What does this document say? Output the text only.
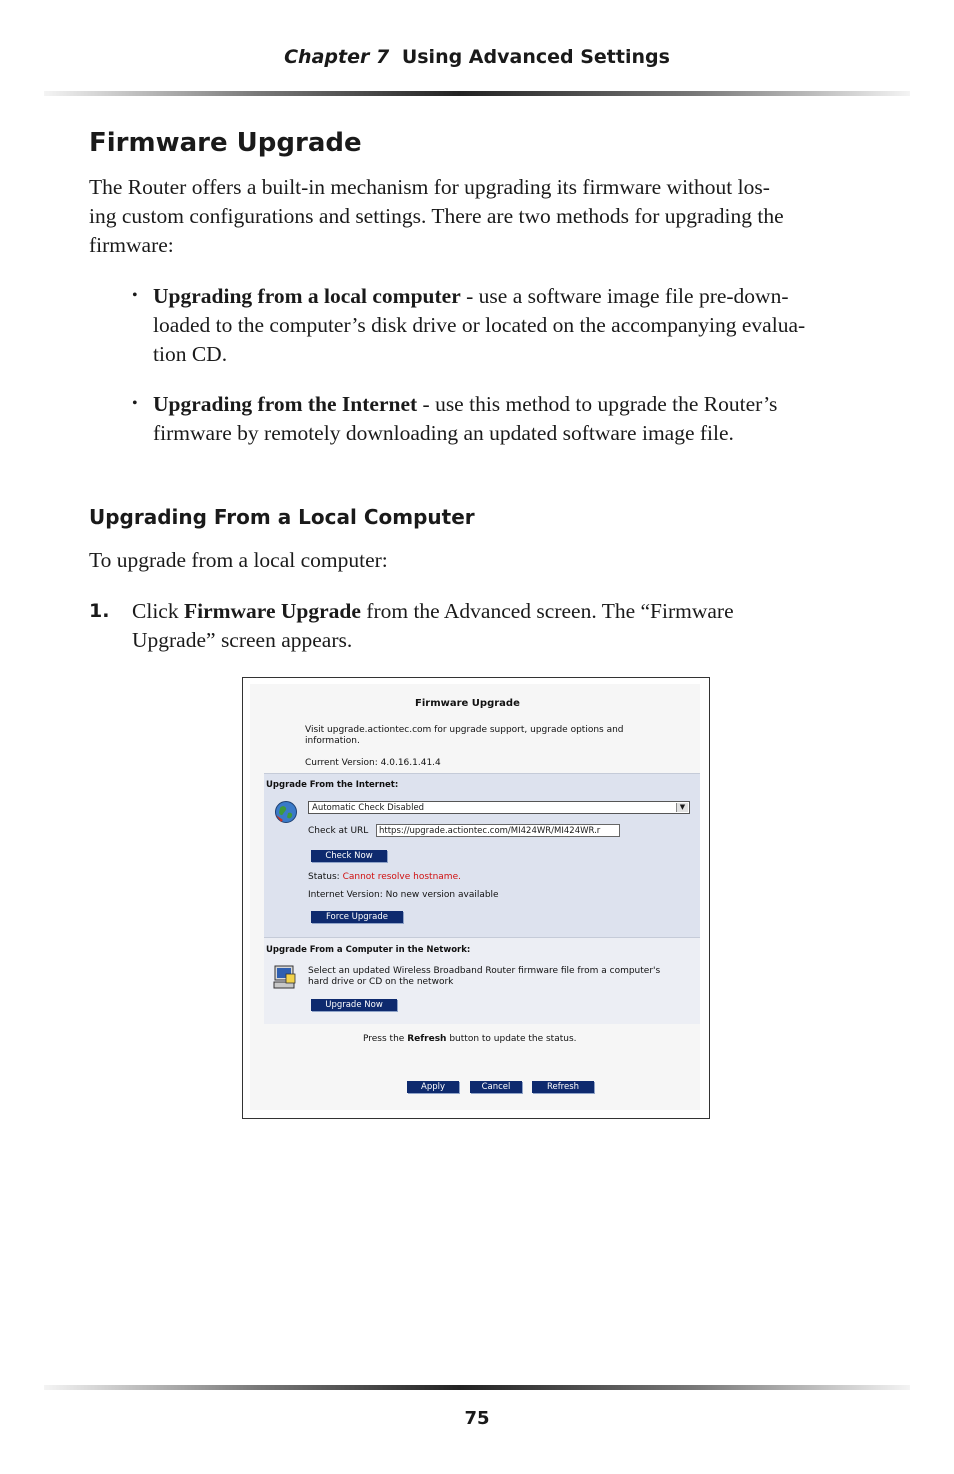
Chapter 7 Using Advanced Settings
Firmware Upgrade
The Router offers a built-in mechanism for upgrading its firmware without los-
ing custom configurations and settings. There are two methods for upgrading the
firmware:
• Upgrading from a local computer - use a software image file pre-down-
loaded to the computer’s disk drive or located on the accompanying evalua-
tion CD.
• Upgrading from the Internet - use this method to upgrade the Router’s
firmware by remotely downloading an updated software image file.
Upgrading From a Local Computer
To upgrade from a local computer:
1. Click Firmware Upgrade from the Advanced screen. The “Firmware
Upgrade” screen appears.
Firmware Upgrade
Visit upgrade.actiontec.com for upgrade support, upgrade options and
information.
Current Version: 4.0.16.1.41.4
Upgrade From the Internet:
Automatic Check Disabled	▼
Check at URL	https://upgrade.actiontec.com/MI424WR/MI424WR.r
Check Now
Status: Cannot resolve hostname.
Internet Version: No new version available
Force Upgrade
Upgrade From a Computer in the Network:
Select an updated Wireless Broadband Router firmware file from a computer's
hard drive or CD on the network
Upgrade Now
Press the Refresh button to update the status.
Apply	Cancel	Refresh
75
